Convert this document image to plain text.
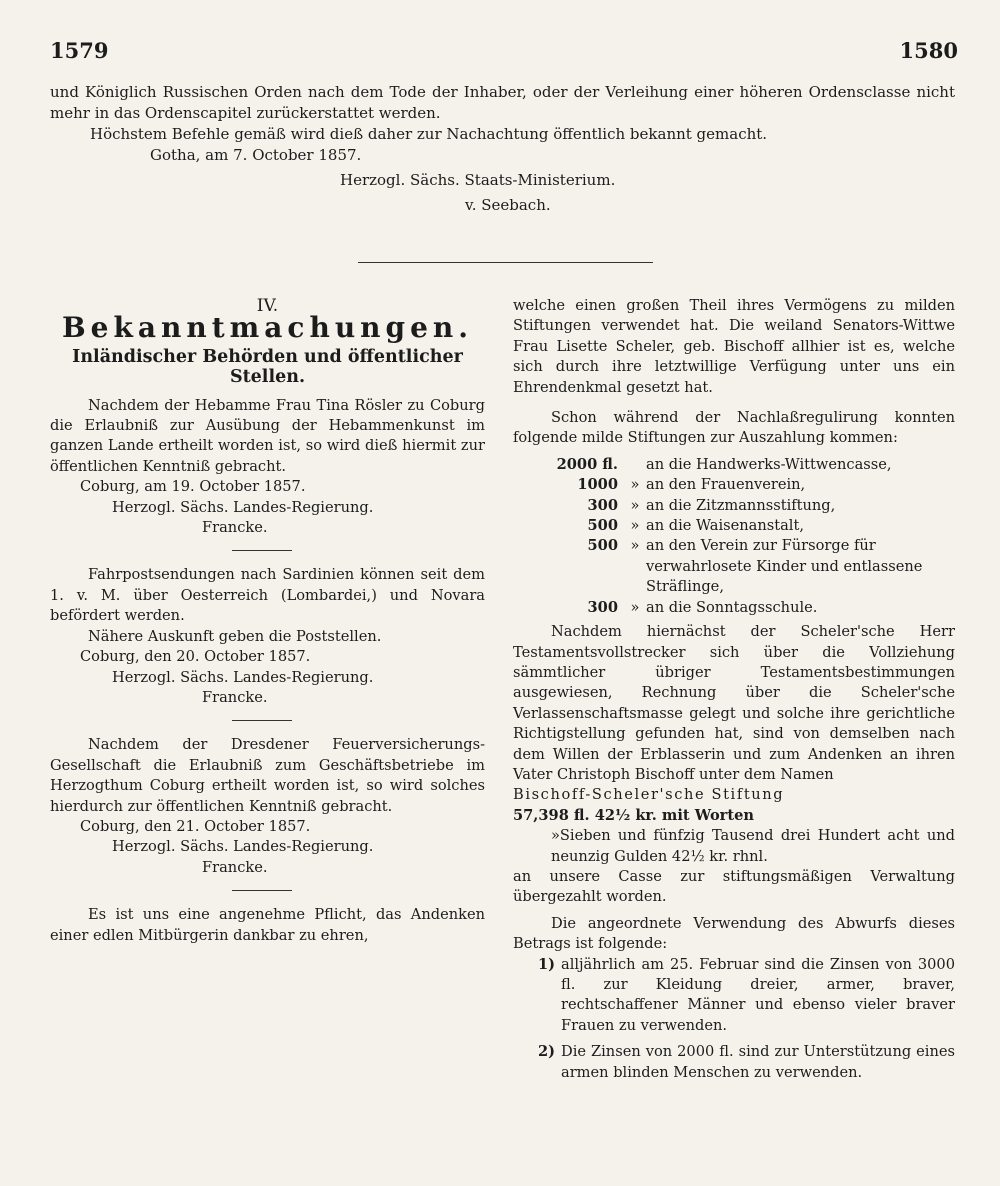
1579	1580

und Königlich Russischen Orden nach dem Tode der Inhaber, oder der Verleihung einer höheren Ordensclasse nicht mehr in das Ordenscapitel zurückerstattet werden.

Höchstem Befehle gemäß wird dieß daher zur Nachachtung öffentlich bekannt gemacht.

Gotha, am 7. October 1857.

Herzogl. Sächs. Staats-Ministerium.

v. Seebach.

IV.
Bekanntmachungen.
Inländischer Behörden und öffentlicher Stellen.

Nachdem der Hebamme Frau Tina Rösler zu Coburg die Erlaubniß zur Ausübung der Hebammenkunst im ganzen Lande ertheilt worden ist, so wird dieß hiermit zur öffentlichen Kenntniß gebracht.

Coburg, am 19. October 1857.

Herzogl. Sächs. Landes-Regierung.

Francke.

Fahrpostsendungen nach Sardinien können seit dem 1. v. M. über Oesterreich (Lombardei,) und Novara befördert werden.

Nähere Auskunft geben die Poststellen.

Coburg, den 20. October 1857.

Herzogl. Sächs. Landes-Regierung.

Francke.

Nachdem der Dresdener Feuerversicherungs-Gesellschaft die Erlaubniß zum Geschäftsbetriebe im Herzogthum Coburg ertheilt worden ist, so wird solches hierdurch zur öffentlichen Kenntniß gebracht.

Coburg, den 21. October 1857.

Herzogl. Sächs. Landes-Regierung.

Francke.

Es ist uns eine angenehme Pflicht, das Andenken einer edlen Mitbürgerin dankbar zu ehren,

welche einen großen Theil ihres Vermögens zu milden Stiftungen verwendet hat. Die weiland Senators-Wittwe Frau Lisette Scheler, geb. Bischoff allhier ist es, welche sich durch ihre letztwillige Verfügung unter uns ein Ehrendenkmal gesetzt hat.

Schon während der Nachlaßregulirung konnten folgende milde Stiftungen zur Auszahlung kommen:

2000 fl.	an die Handwerks-Wittwencasse,
1000 » an den Frauenverein,
300 » an die Zitzmannsstiftung,
500 » an die Waisenanstalt,
500 » an den Verein zur Fürsorge für verwahrlosete Kinder und entlassene Sträflinge,
300 » an die Sonntagsschule.

Nachdem hiernächst der Scheler'sche Herr Testamentsvollstrecker sich über die Vollziehung sämmtlicher übriger Testamentsbestimmungen ausgewiesen, Rechnung über die Scheler'sche Verlassenschaftsmasse gelegt und solche ihre gerichtliche Richtigstellung gefunden hat, sind von demselben nach dem Willen der Erblasserin und zum Andenken an ihren Vater Christoph Bischoff unter dem Namen

Bischoff-Scheler'sche Stiftung

57,398 fl. 42½ kr. mit Worten

»Sieben und fünfzig Tausend drei Hundert acht und neunzig Gulden 42½ kr. rhnl.

an unsere Casse zur stiftungsmäßigen Verwaltung übergezahlt worden.

Die angeordnete Verwendung des Abwurfs dieses Betrags ist folgende:

1) alljährlich am 25. Februar sind die Zinsen von 3000 fl. zur Kleidung dreier, armer, braver, rechtschaffener Männer und ebenso vieler braver Frauen zu verwenden.
2) Die Zinsen von 2000 fl. sind zur Unterstützung eines armen blinden Menschen zu verwenden.
